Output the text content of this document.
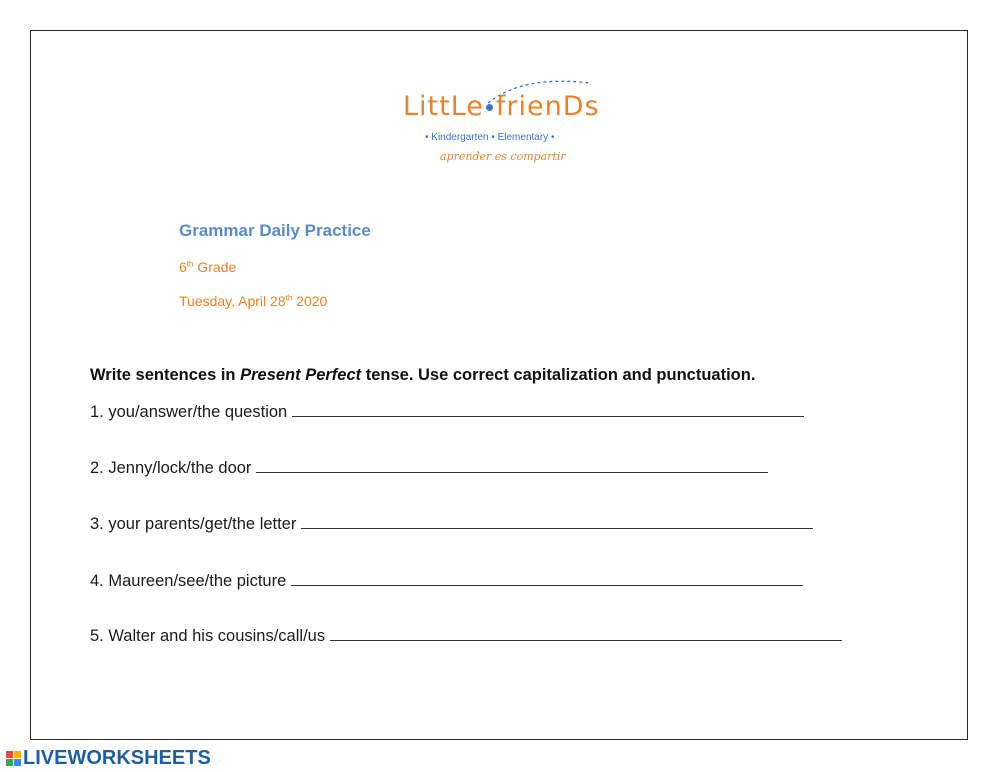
LittLe frienDs
• Kindergarten • Elementary •
aprender es compartir
Grammar Daily Practice
6th Grade
Tuesday, April 28th 2020
Write sentences in Present Perfect tense. Use correct capitalization and punctuation.
1. you/answer/the question
2. Jenny/lock/the door
3. your parents/get/the letter
4. Maureen/see/the picture
5. Walter and his cousins/call/us
LIVEWORKSHEETS
